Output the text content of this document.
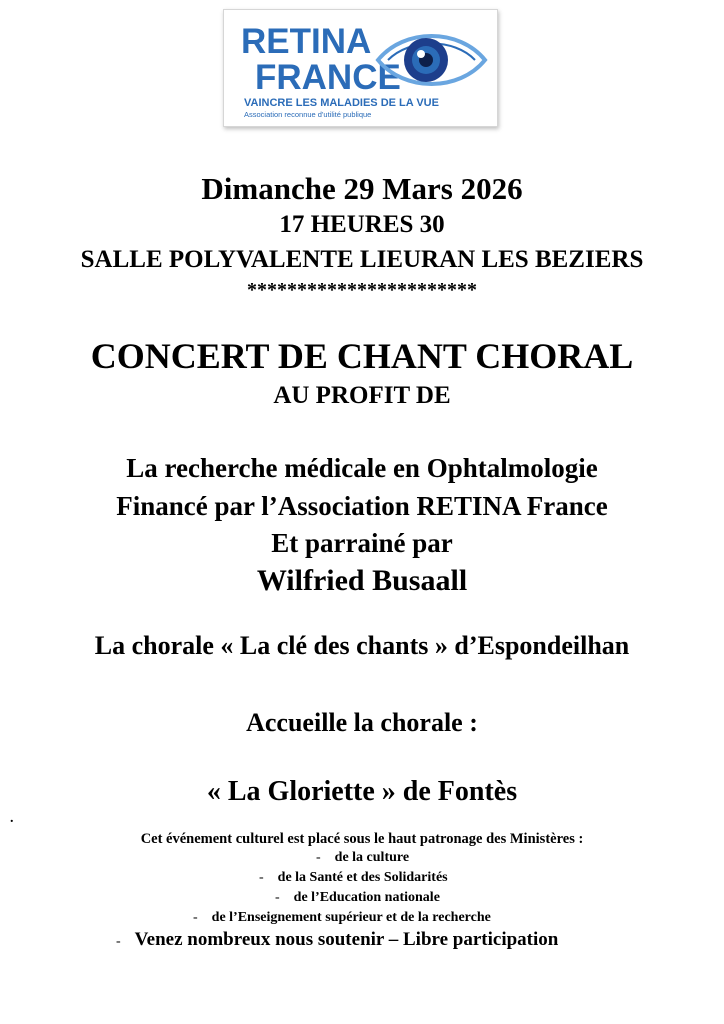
RETINA
FRANCE
VAINCRE LES MALADIES DE LA VUE
Association reconnue d'utilité publique

Dimanche 29 Mars 2026

17 HEURES 30

SALLE POLYVALENTE LIEURAN LES BEZIERS

***********************

CONCERT DE CHANT CHORAL

AU PROFIT DE

La recherche médicale en Ophtalmologie

Financé par l’Association RETINA France

Et parrainé par

Wilfried Busaall

La chorale « La clé des chants » d’Espondeilhan

Accueille la chorale :

« La Gloriette » de Fontès

.

Cet événement culturel est placé sous le haut patronage des Ministères :

- de la culture
- de la Santé et des Solidarités
- de l’Education nationale
- de l’Enseignement supérieur et de la recherche
- Venez nombreux nous soutenir – Libre participation
